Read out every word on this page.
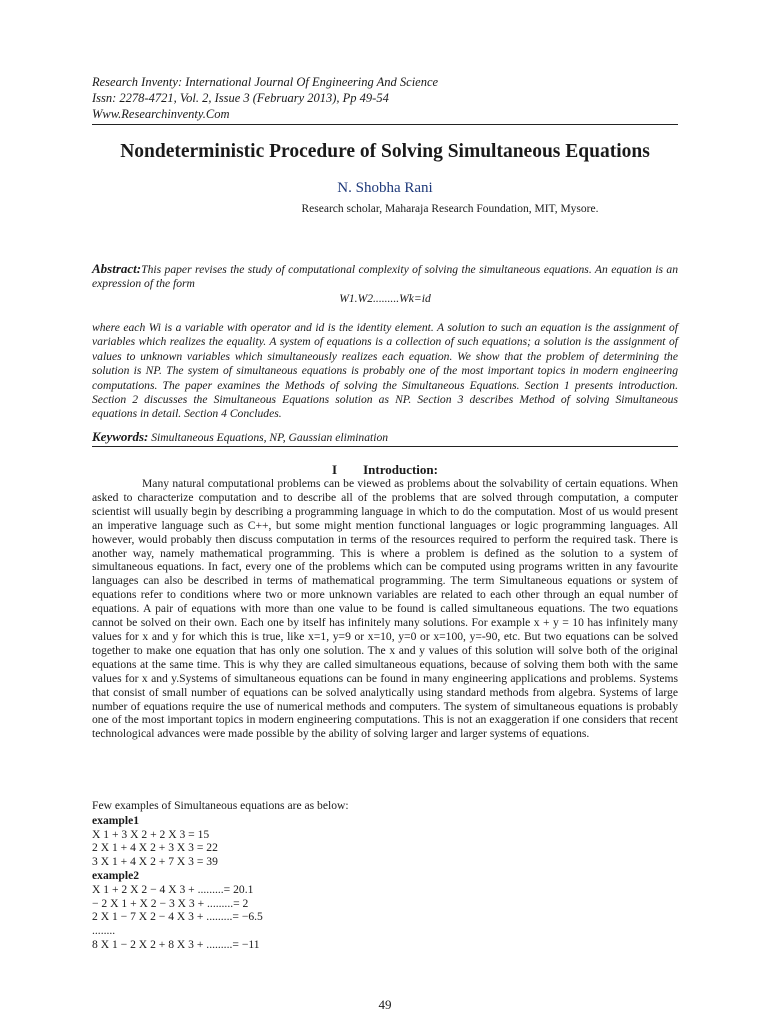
Research Inventy: International Journal Of Engineering And Science
Issn: 2278-4721, Vol. 2, Issue 3 (February 2013), Pp 49-54
Www.Researchinventy.Com
Nondeterministic Procedure of Solving Simultaneous Equations
N. Shobha Rani
Research scholar, Maharaja Research Foundation, MIT, Mysore.
Abstract:This paper revises the study of computational complexity of solving the simultaneous equations. An equation is an expression of the form
W1.W2.........Wk=id
where each Wi is a variable with operator and id is the identity element. A solution to such an equation is the assignment of variables which realizes the equality. A system of equations is a collection of such equations; a solution is the assignment of values to unknown variables which simultaneously realizes each equation. We show that the problem of determining the solution is NP. The system of simultaneous equations is probably one of the most important topics in modern engineering computations. The paper examines the Methods of solving the Simultaneous Equations. Section 1 presents introduction. Section 2 discusses the Simultaneous Equations solution as NP. Section 3 describes Method of solving Simultaneous equations in detail. Section 4 Concludes.
Keywords: Simultaneous Equations, NP, Gaussian elimination
I Introduction:

Many natural computational problems can be viewed as problems about the solvability of certain equations. When asked to characterize computation and to describe all of the problems that are solved through computation, a computer scientist will usually begin by describing a programming language in which to do the computation. Most of us would present an imperative language such as C++, but some might mention functional languages or logic programming languages. All however, would probably then discuss computation in terms of the resources required to perform the required task. There is another way, namely mathematical programming. This is where a problem is defined as the solution to a system of simultaneous equations. In fact, every one of the problems which can be computed using programs written in any favourite languages can also be described in terms of mathematical programming. The term Simultaneous equations or system of equations refer to conditions where two or more unknown variables are related to each other through an equal number of equations. A pair of equations with more than one value to be found is called simultaneous equations. The two equations cannot be solved on their own. Each one by itself has infinitely many solutions. For example x + y = 10 has infinitely many values for x and y for which this is true, like x=1, y=9 or x=10, y=0 or x=100, y=-90, etc. But two equations can be solved together to make one equation that has only one solution. The x and y values of this solution will solve both of the original equations at the same time. This is why they are called simultaneous equations, because of solving them both with the same values for x and y.Systems of simultaneous equations can be found in many engineering applications and problems. Systems that consist of small number of equations can be solved analytically using standard methods from algebra. Systems of large number of equations require the use of numerical methods and computers. The system of simultaneous equations is probably one of the most important topics in modern engineering computations. This is not an exaggeration if one considers that recent technological advances were made possible by the ability of solving larger and larger systems of equations.

Few examples of Simultaneous equations are as below:
example1
X 1 + 3 X 2 + 2 X 3 = 15
2 X 1 + 4 X 2 + 3 X 3 = 22
3 X 1 + 4 X 2 + 7 X 3 = 39
example2
X 1 + 2 X 2 − 4 X 3 + .........= 20.1
− 2 X 1 + X 2 − 3 X 3 + .........= 2
2 X 1 − 7 X 2 − 4 X 3 + .........= −6.5
........
8 X 1 − 2 X 2 + 8 X 3 + .........= −11
49
